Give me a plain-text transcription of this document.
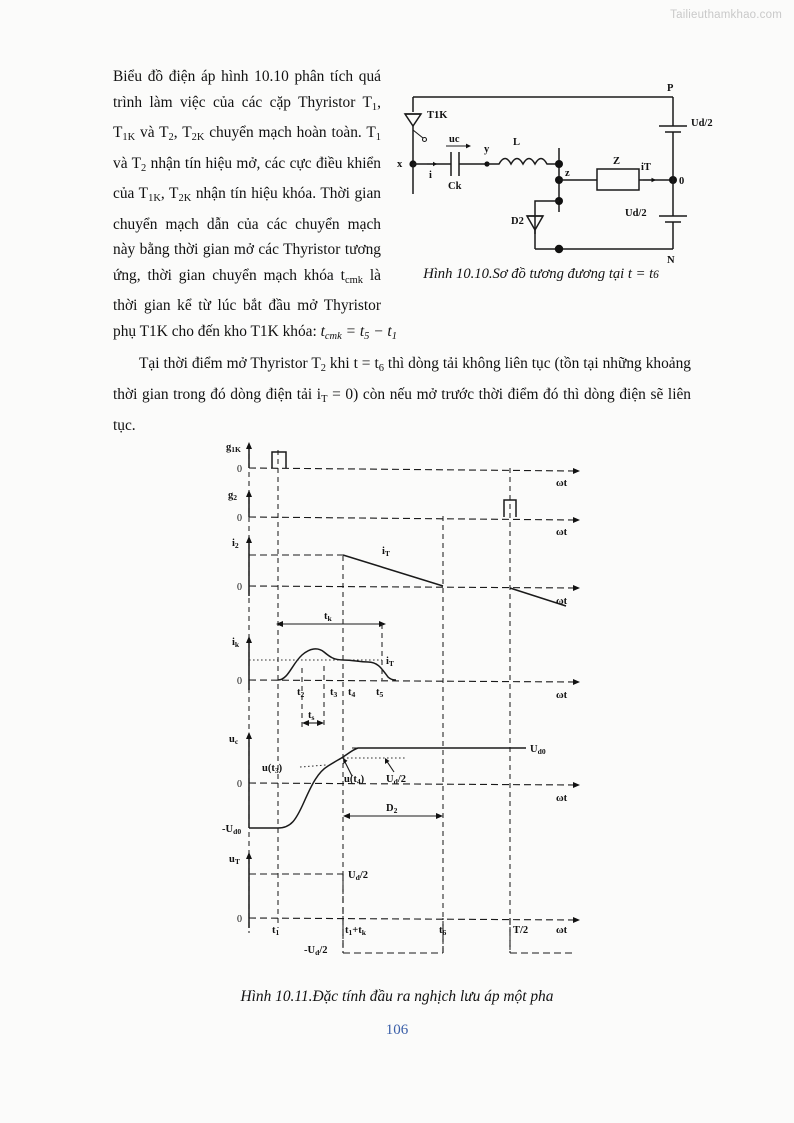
Tailieuthamkhao.com
T1K
x
i
Ck
uc
y
L
z
Z
iT
0
D2
Ud/2
Ud/2
P
N
Hình 10.10.Sơ đồ tương đương tại t = t6

Biểu đồ điện áp hình 10.10 phân tích quá trình làm việc của các cặp Thyristor $T_1$, $T_{1K}$ và $T_2$, $T_{2K}$ chuyển mạch hoàn toàn. $T_1$ và $T_2$ nhận tín hiệu mở, các cực điều khiển của $T_{1K}$, $T_{2K}$ nhận tín hiệu khóa. Thời gian chuyển mạch dẫn của các chuyển mạch này bằng thời gian mở các Thyristor tương ứng, thời gian chuyển mạch khóa $t_{cmk}$ là thời gian kể từ lúc bắt đầu mở Thyristor phụ T1K cho đến kho T1K khóa: $t_{cmk} = t_5 - t_1$

Tại thời điểm mở Thyristor $T_2$ khi $t = t_6$ thì dòng tải không liên tục (tồn tại những khoảng thời gian trong đó dòng điện tải $i_T = 0$) còn nếu mở trước thời điểm đó thì dòng điện sẽ liên tục.

g1K
0
ωt
g2
0
ωt
i2
0
ωt
iT
ik
0
ωt
iT
tk
t2 t3 t4 t5
ts
uc
0
ωt
Ud0
-Ud0
u(t3)
u(t4) Ud/2
D2
uT
0
ωt
Ud/2
-Ud/2
t1	t1+tk	t6	T/2
Hình 10.11.Đặc tính đầu ra nghịch lưu áp một pha
106
